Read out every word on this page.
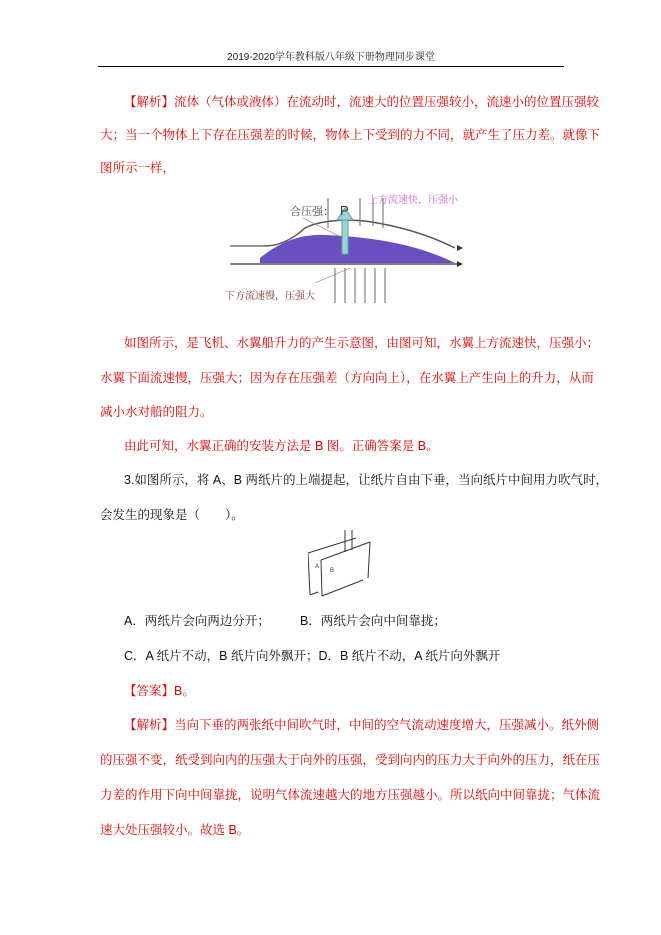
2019-2020学年教科版八年级下册物理同步课堂
【解析】流体（气体或液体）在流动时，流速大的位置压强较小，流速小的位置压强较
大；当一个物体上下存在压强差的时候，物体上下受到的力不同，就产生了压力差。就像下
图所示一样，
合压强： P
上方流速快，压强小
下方流速慢，压强大
如图所示，是飞机、水翼船升力的产生示意图，由图可知，水翼上方流速快，压强小；
水翼下面流速慢，压强大；因为存在压强差（方向向上），在水翼上产生向上的升力，从而
减小水对船的阻力。
由此可知，水翼正确的安装方法是 B 图。正确答案是 B。
3.如图所示，将 A、B 两纸片的上端提起，让纸片自由下垂，当向纸片中间用力吹气时，
会发生的现象是（　　）。
A
B
A．两纸片会向两边分开；	B．两纸片会向中间靠拢；
C．A 纸片不动，B 纸片向外飘开；D．B 纸片不动，A 纸片向外飘开
【答案】B。
【解析】当向下垂的两张纸中间吹气时，中间的空气流动速度增大，压强减小。纸外侧
的压强不变，纸受到向内的压强大于向外的压强，受到向内的压力大于向外的压力，纸在压
力差的作用下向中间靠拢，说明气体流速越大的地方压强越小。所以纸向中间靠拢；气体流
速大处压强较小。故选 B。
